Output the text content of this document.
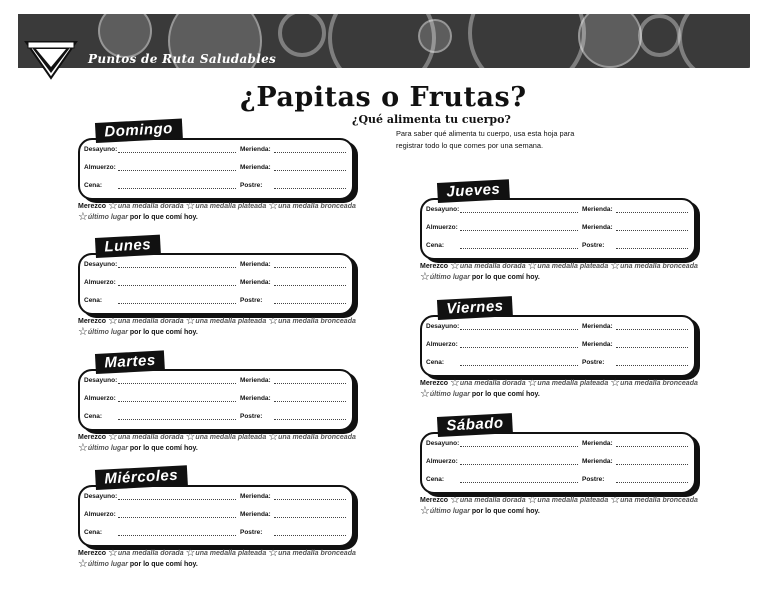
Puntos de Ruta Saludables
¿Papitas o Frutas?
¿Qué alimenta tu cuerpo?
Para saber qué alimenta tu cuerpo, usa esta hoja para registrar todo lo que comes por una semana.
Domingo
Desayuno:	Merienda:
Almuerzo:	Merienda:
Cena:	Postre:
Merezco ☆una medalla dorada ☆una medalla plateada ☆una medalla bronceada
☆último lugar por lo que comí hoy.
Lunes
Desayuno:	Merienda:
Almuerzo:	Merienda:
Cena:	Postre:
Merezco ☆una medalla dorada ☆una medalla plateada ☆una medalla bronceada
☆último lugar por lo que comí hoy.
Martes
Desayuno:	Merienda:
Almuerzo:	Merienda:
Cena:	Postre:
Merezco ☆una medalla dorada ☆una medalla plateada ☆una medalla bronceada
☆último lugar por lo que comí hoy.
Miércoles
Desayuno:	Merienda:
Almuerzo:	Merienda:
Cena:	Postre:
Merezco ☆una medalla dorada ☆una medalla plateada ☆una medalla bronceada
☆último lugar por lo que comí hoy.
Jueves
Desayuno:	Merienda:
Almuerzo:	Merienda:
Cena:	Postre:
Merezco ☆una medalla dorada ☆una medalla plateada ☆una medalla bronceada
☆último lugar por lo que comí hoy.
Viernes
Desayuno:	Merienda:
Almuerzo:	Merienda:
Cena:	Postre:
Merezco ☆una medalla dorada ☆una medalla plateada ☆una medalla bronceada
☆último lugar por lo que comí hoy.
Sábado
Desayuno:	Merienda:
Almuerzo:	Merienda:
Cena:	Postre:
Merezco ☆una medalla dorada ☆una medalla plateada ☆una medalla bronceada
☆último lugar por lo que comí hoy.
